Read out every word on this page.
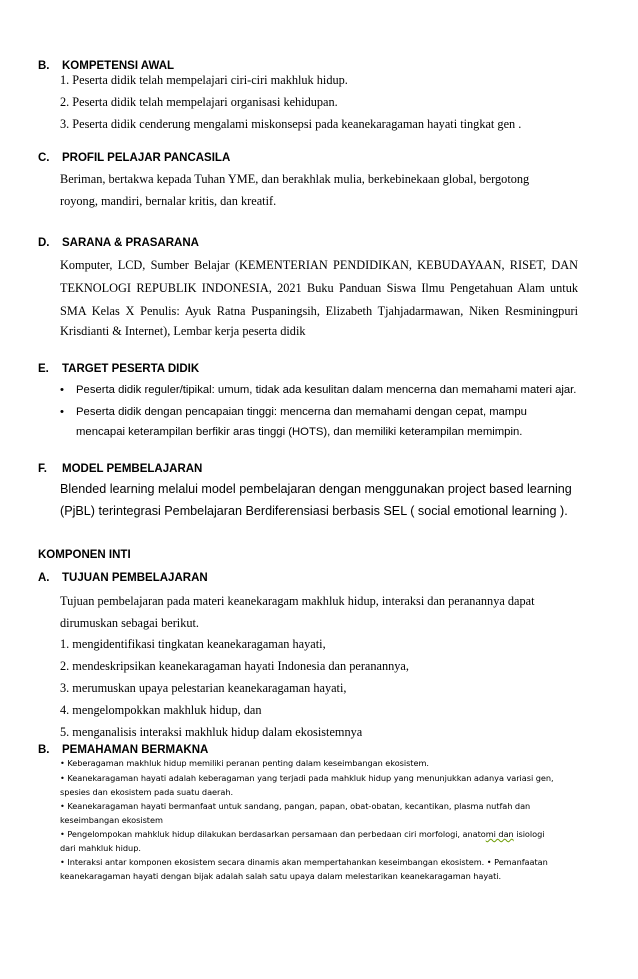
B. KOMPETENSI AWAL
1. Peserta didik telah mempelajari ciri-ciri makhluk hidup.
2. Peserta didik telah mempelajari organisasi kehidupan.
3. Peserta didik cenderung mengalami miskonsepsi pada keanekaragaman hayati tingkat gen .
C. PROFIL PELAJAR PANCASILA
Beriman, bertakwa kepada Tuhan YME, dan berakhlak mulia, berkebinekaan global, bergotong
royong, mandiri, bernalar kritis, dan kreatif.
D. SARANA & PRASARANA
Komputer, LCD, Sumber Belajar (KEMENTERIAN PENDIDIKAN, KEBUDAYAAN, RISET, DAN
TEKNOLOGI REPUBLIK INDONESIA, 2021 Buku Panduan Siswa Ilmu Pengetahuan Alam untuk
SMA Kelas X Penulis: Ayuk Ratna Puspaningsih, Elizabeth Tjahjadarmawan, Niken Resminingpuri
Krisdianti & Internet), Lembar kerja peserta didik
E. TARGET PESERTA DIDIK
• Peserta didik reguler/tipikal: umum, tidak ada kesulitan dalam mencerna dan memahami materi ajar.
• Peserta didik dengan pencapaian tinggi: mencerna dan memahami dengan cepat, mampu
mencapai keterampilan berfikir aras tinggi (HOTS), dan memiliki keterampilan memimpin.
F. MODEL PEMBELAJARAN
Blended learning melalui model pembelajaran dengan menggunakan project based learning
(PjBL) terintegrasi Pembelajaran Berdiferensiasi berbasis SEL ( social emotional learning ).
KOMPONEN INTI
A. TUJUAN PEMBELAJARAN
Tujuan pembelajaran pada materi keanekaragam makhluk hidup, interaksi dan peranannya dapat
dirumuskan sebagai berikut.
1. mengidentifikasi tingkatan keanekaragaman hayati,
2. mendeskripsikan keanekaragaman hayati Indonesia dan peranannya,
3. merumuskan upaya pelestarian keanekaragaman hayati,
4. mengelompokkan makhluk hidup, dan
5. menganalisis interaksi makhluk hidup dalam ekosistemnya
B. PEMAHAMAN BERMAKNA
• Keberagaman makhluk hidup memiliki peranan penting dalam keseimbangan ekosistem.
• Keanekaragaman hayati adalah keberagaman yang terjadi pada mahkluk hidup yang menunjukkan adanya variasi gen,
spesies dan ekosistem pada suatu daerah.
• Keanekaragaman hayati bermanfaat untuk sandang, pangan, papan, obat-obatan, kecantikan, plasma nutfah dan
keseimbangan ekosistem
• Pengelompokan mahkluk hidup dilakukan berdasarkan persamaan dan perbedaan ciri morfologi, anatomi dan isiologi
dari mahkluk hidup.
• Interaksi antar komponen ekosistem secara dinamis akan mempertahankan keseimbangan ekosistem. • Pemanfaatan
keanekaragaman hayati dengan bijak adalah salah satu upaya dalam melestarikan keanekaragaman hayati.
